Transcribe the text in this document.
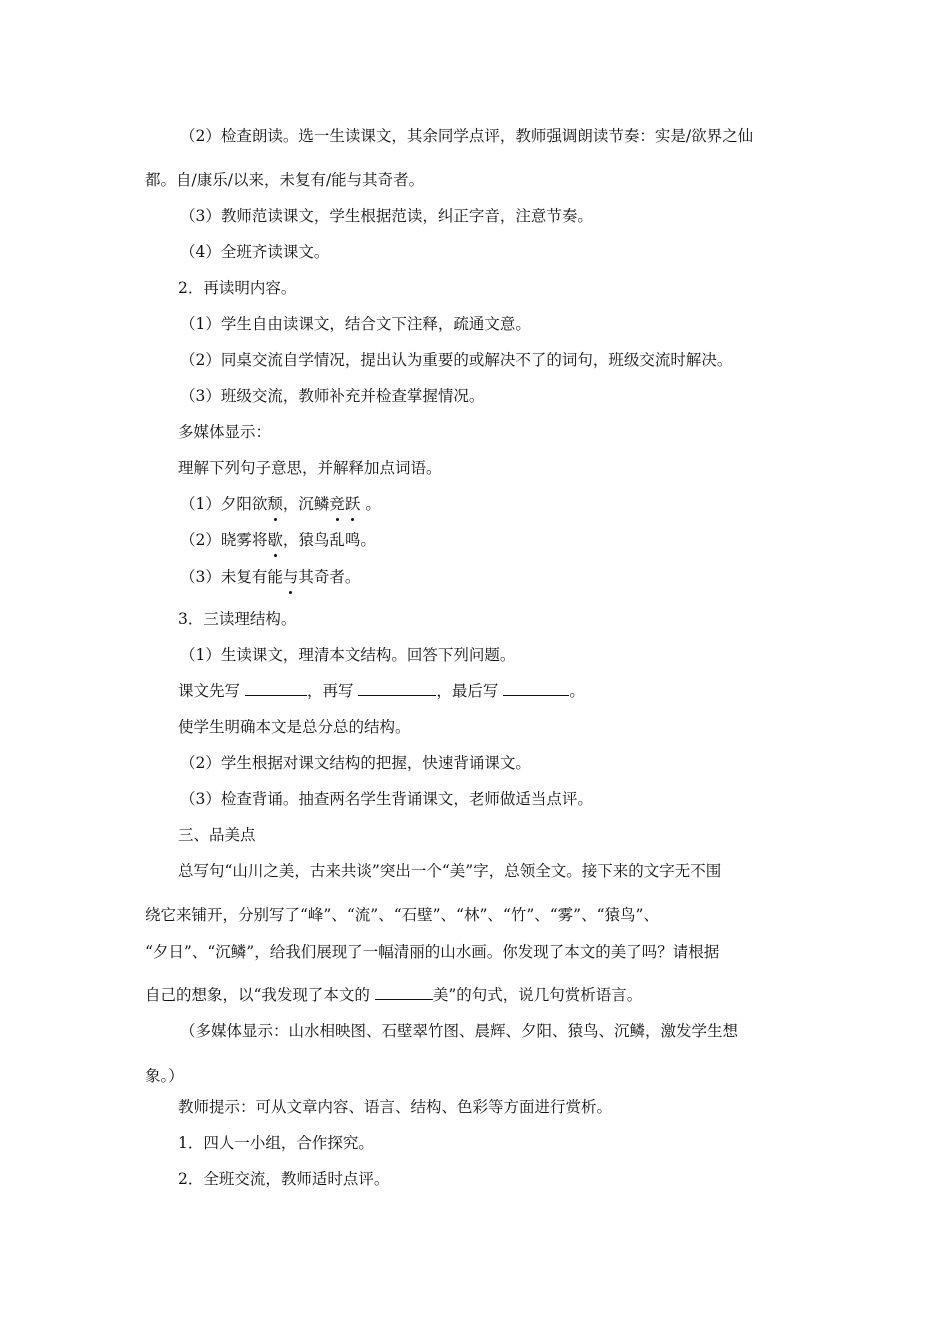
（2）检查朗读。选一生读课文，其余同学点评，教师强调朗读节奏：实是/欲界之仙
都。自/康乐/以来，未复有/能与其奇者。
（3）教师范读课文，学生根据范读，纠正字音，注意节奏。
（4）全班齐读课文。
2．再读明内容。
（1）学生自由读课文，结合文下注释，疏通文意。
（2）同桌交流自学情况，提出认为重要的或解决不了的词句，班级交流时解决。
（3）班级交流，教师补充并检查掌握情况。
多媒体显示：
理解下列句子意思，并解释加点词语。
（1）夕阳欲颓，沉鳞竞跃 。
（2）晓雾将歇，猿鸟乱鸣。
（3）未复有能与其奇者。
3．三读理结构。
（1）生读课文，理清本文结构。回答下列问题。
课文先写	，再写	，最后写	。
使学生明确本文是总分总的结构。
（2）学生根据对课文结构的把握，快速背诵课文。
（3）检查背诵。抽查两名学生背诵课文，老师做适当点评。
三、品美点
总写句“山川之美，古来共谈”突出一个“美”字，总领全文。接下来的文字无不围
绕它来铺开，分别写了“峰”、“流”、“石壁”、“林”、“竹”、“雾”、“猿鸟”、
“夕日”、“沉鳞”，给我们展现了一幅清丽的山水画。你发现了本文的美了吗？请根据
自己的想象，以“我发现了本文的	美”的句式，说几句赏析语言。
（多媒体显示：山水相映图、石壁翠竹图、晨辉、夕阳、猿鸟、沉鳞，激发学生想
象。）
教师提示：可从文章内容、语言、结构、色彩等方面进行赏析。
1．四人一小组，合作探究。
2．全班交流，教师适时点评。
